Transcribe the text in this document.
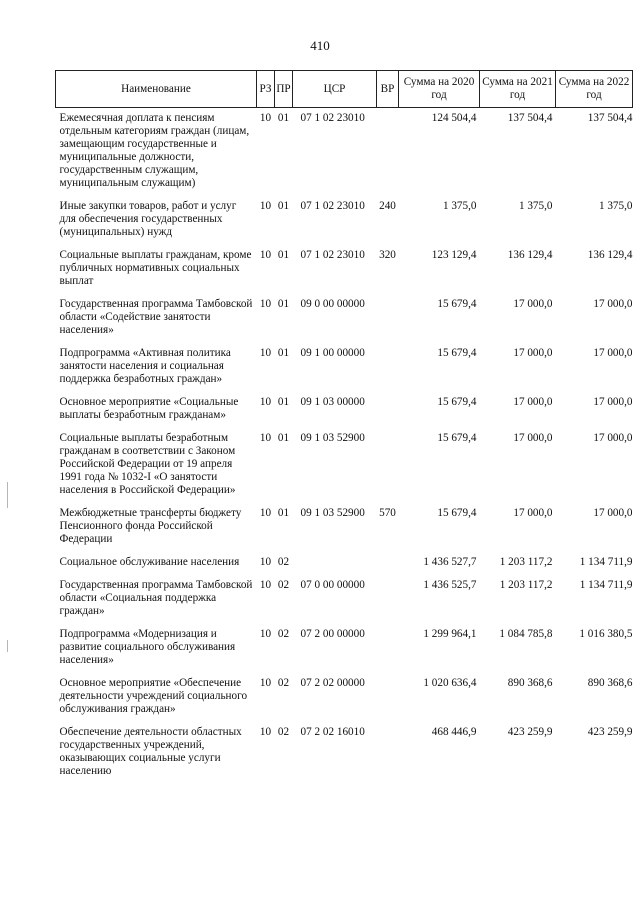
410
Наименование	РЗ	ПР	ЦСР	ВР	Сумма на 2020 год	Сумма на 2021 год	Сумма на 2022 год
Ежемесячная доплата к пенсиям отдельным категориям граждан (лицам, замещающим государственные и муниципальные должности, государственным служащим, муниципальным служащим)	10	01	07 1 02 23010		124 504,4	137 504,4	137 504,4
Иные закупки товаров, работ и услуг для обеспечения государственных (муниципальных) нужд	10	01	07 1 02 23010	240	1 375,0	1 375,0	1 375,0
Социальные выплаты гражданам, кроме публичных нормативных социальных выплат	10	01	07 1 02 23010	320	123 129,4	136 129,4	136 129,4
Государственная программа Тамбовской области «Содействие занятости населения»	10	01	09 0 00 00000		15 679,4	17 000,0	17 000,0
Подпрограмма «Активная политика занятости населения и социальная поддержка безработных граждан»	10	01	09 1 00 00000		15 679,4	17 000,0	17 000,0
Основное мероприятие «Социальные выплаты безработным гражданам»	10	01	09 1 03 00000		15 679,4	17 000,0	17 000,0
Социальные выплаты безработным гражданам в соответствии с Законом Российской Федерации от 19 апреля 1991 года № 1032-I «О занятости населения в Российской Федерации»	10	01	09 1 03 52900		15 679,4	17 000,0	17 000,0
Межбюджетные трансферты бюджету Пенсионного фонда Российской Федерации	10	01	09 1 03 52900	570	15 679,4	17 000,0	17 000,0
Социальное обслуживание населения	10	02			1 436 527,7	1 203 117,2	1 134 711,9
Государственная программа Тамбовской области «Социальная поддержка граждан»	10	02	07 0 00 00000		1 436 525,7	1 203 117,2	1 134 711,9
Подпрограмма «Модернизация и развитие социального обслуживания населения»	10	02	07 2 00 00000		1 299 964,1	1 084 785,8	1 016 380,5
Основное мероприятие «Обеспечение деятельности учреждений социального обслуживания граждан»	10	02	07 2 02 00000		1 020 636,4	890 368,6	890 368,6
Обеспечение деятельности областных государственных учреждений, оказывающих социальные услуги населению	10	02	07 2 02 16010		468 446,9	423 259,9	423 259,9
